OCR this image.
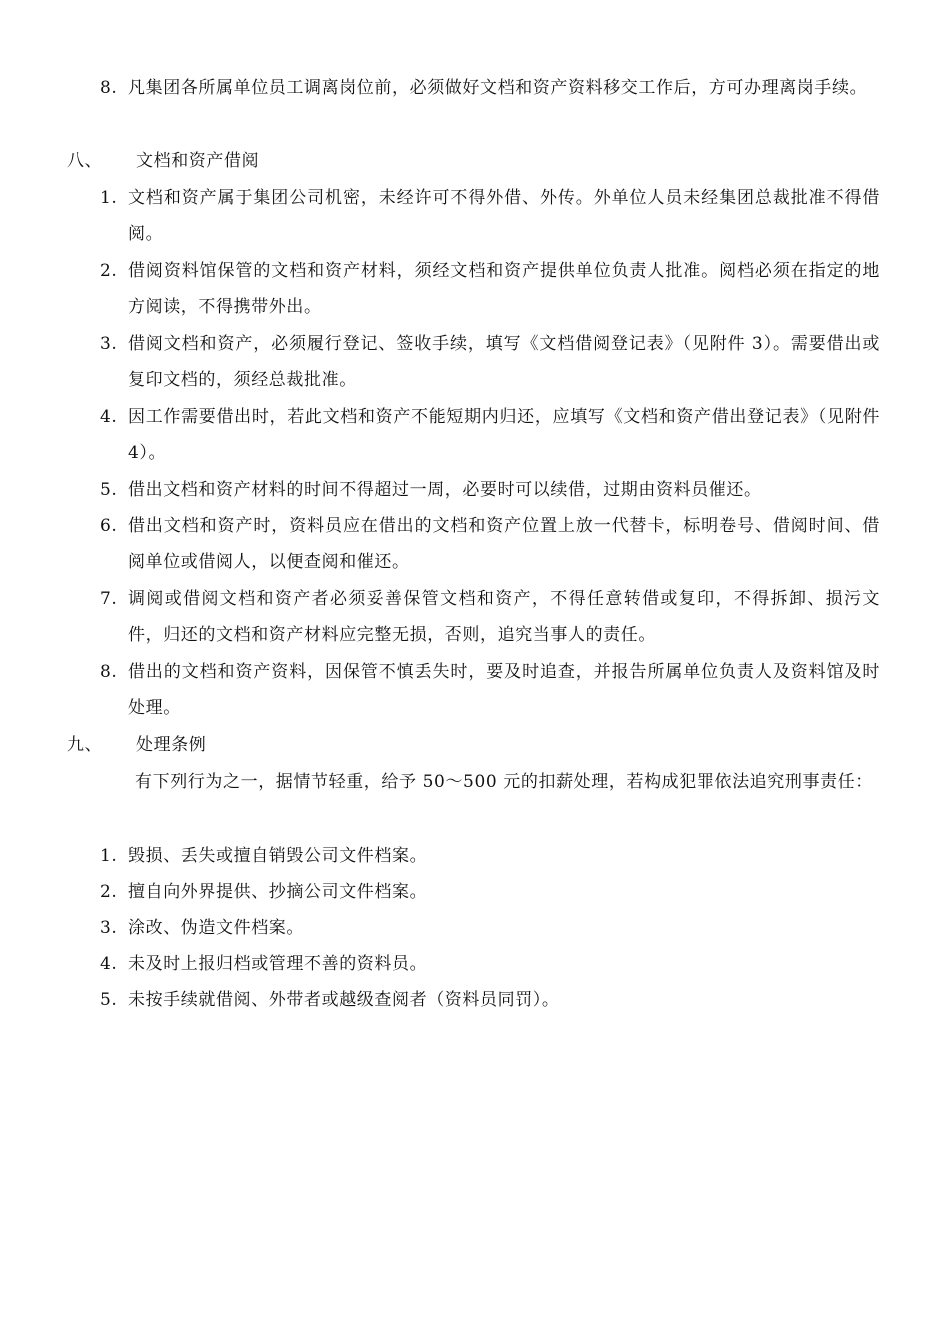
8. 凡集团各所属单位员工调离岗位前，必须做好文档和资产资料移交工作后，方可办理离岗手续。
八、 文档和资产借阅
1. 文档和资产属于集团公司机密，未经许可不得外借、外传。外单位人员未经集团总裁批准不得借阅。
2. 借阅资料馆保管的文档和资产材料，须经文档和资产提供单位负责人批准。阅档必须在指定的地方阅读，不得携带外出。
3. 借阅文档和资产，必须履行登记、签收手续，填写《文档借阅登记表》（见附件 3）。需要借出或复印文档的，须经总裁批准。
4. 因工作需要借出时，若此文档和资产不能短期内归还，应填写《文档和资产借出登记表》（见附件 4）。
5. 借出文档和资产材料的时间不得超过一周，必要时可以续借，过期由资料员催还。
6. 借出文档和资产时，资料员应在借出的文档和资产位置上放一代替卡，标明卷号、借阅时间、借阅单位或借阅人，以便查阅和催还。
7. 调阅或借阅文档和资产者必须妥善保管文档和资产，不得任意转借或复印，不得拆卸、损污文件，归还的文档和资产材料应完整无损，否则，追究当事人的责任。
8. 借出的文档和资产资料，因保管不慎丢失时，要及时追查，并报告所属单位负责人及资料馆及时处理。
九、 处理条例
有下列行为之一，据情节轻重，给予 50～500 元的扣薪处理，若构成犯罪依法追究刑事责任：
1. 毁损、丢失或擅自销毁公司文件档案。
2. 擅自向外界提供、抄摘公司文件档案。
3. 涂改、伪造文件档案。
4. 未及时上报归档或管理不善的资料员。
5. 未按手续就借阅、外带者或越级查阅者（资料员同罚）。
